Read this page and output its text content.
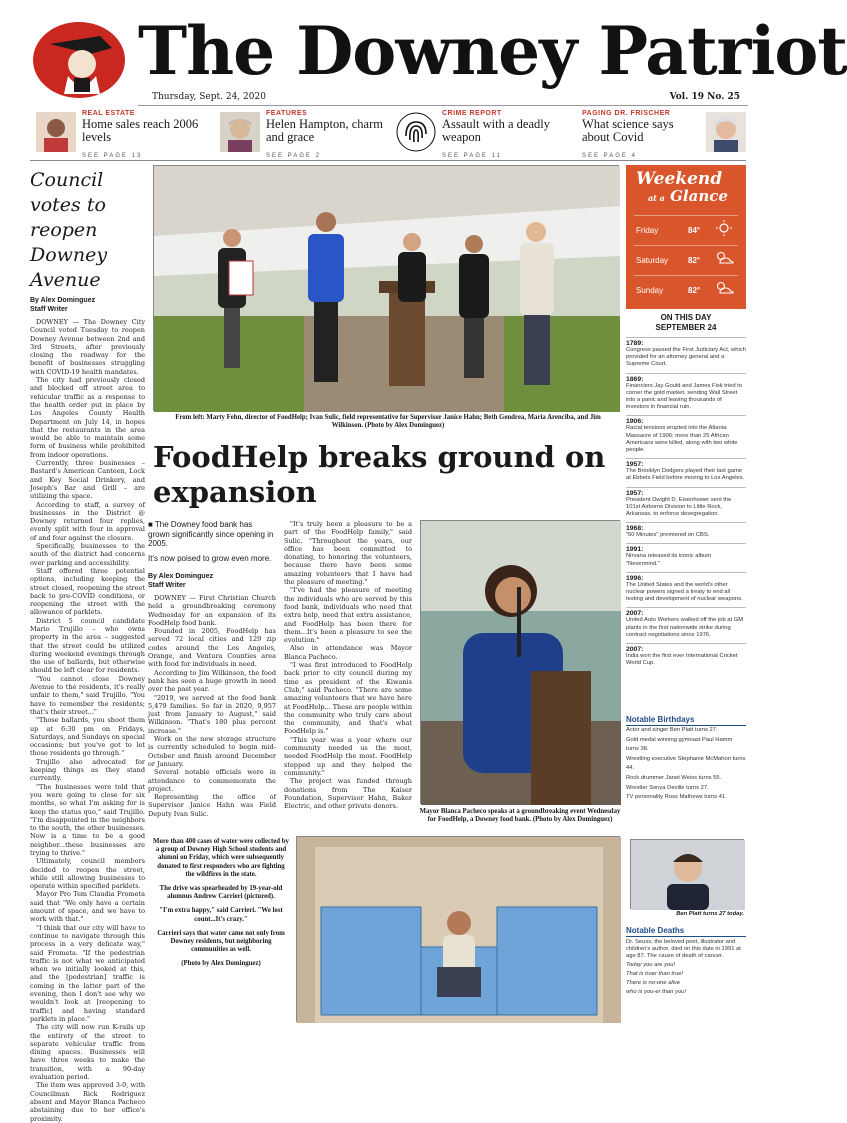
The Downey Patriot
Thursday, Sept. 24, 2020	Vol. 19 No. 25
REAL ESTATE
Home sales reach 2006 levels
SEE PAGE 13
FEATURES
Helen Hampton, charm and grace
SEE PAGE 2
CRIME REPORT
Assault with a deadly weapon
SEE PAGE 11
PAGING DR. FRISCHER
What science says about Covid
SEE PAGE 4
Council votes to reopen Downey Avenue
By Alex Dominguez
Staff Writer

DOWNEY — The Downey City Council voted Tuesday to reopen Downey Avenue between 2nd and 3rd Streets, after previously closing the roadway for the benefit of businesses struggling with COVID-19 health mandates.

The city had previously closed and blocked off street area to vehicular traffic as a response to the health order put in place by Los Angeles County Health Department on July 14, in hopes that the restaurants in the area would be able to maintain some form of business while prohibited from indoor operations.

Currently, three businesses – Bastard's American Canteen, Lock and Key Social Drinkery, and Joseph's Bar and Grill – are utilizing the space.

According to staff, a survey of businesses in the District @ Downey returned four replies, evenly split with four in approval of and four against the closure.

Specifically, businesses to the south of the district had concerns over parking and accessibility.

Staff offered three potential options, including keeping the street closed, reopening the street back to pre-COVID conditions, or reopening the street with the allowance of parklets.

District 5 council candidate Mario Trujillo – who owns property in the area – suggested that the street could be utilized during weekend evenings through the use of ballards, but otherwise should be left clear for residents.

"You cannot close Downey Avenue to the residents, it's really unfair to them," said Trujillo. "You have to remember the residents; that's their street..."

"Those ballards, you shoot them up at 6:30 pm on Fridays, Saturdays, and Sundays on special occasions; but you've got to let those residents go through."

Trujillo also advocated for keeping things as they stand currently.

"The businesses were told that you were going to close for six months, so what I'm asking for is keep the status quo," said Trujillo. "I'm disappointed in the neighbors to the south, the other businesses. Now is a time to be a good neighbor...these businesses are trying to thrive."

Ultimately, council members decided to reopen the street, while still allowing businesses to operate within specified parklets.

Mayor Pro Tem Claudia Frometa said that "We only have a certain amount of space, and we have to work with that."

"I think that our city will have to continue to navigate through this process in a very delicate way," said Frometa. "If the pedestrian traffic is not what we anticipated when we initially looked at this, and the [pedestrian] traffic is coming in the latter part of the evening, then I don't see why we wouldn't look at [reopening to traffic] and having standard parklets in place."

The city will now run K-rails up the entirety of the street to separate vehicular traffic from dining spaces. Businesses will have three weeks to make the transition, with a 90-day evaluation period.

The item was approved 3-0, with Councilman Rick Rodriguez absent and Mayor Blanca Pacheco abstaining due to her office's proximity.

From left: Marty Fehn, director of FoodHelp; Ivan Sulic, field representative for Supervisor Janice Hahn; Beth Gendrea, Maria Arenciba, and Jim Wilkinson. (Photo by Alex Dominguez)
FoodHelp breaks ground on expansion
■ The Downey food bank has grown significantly since opening in 2005.
It's now poised to grow even more.
By Alex Dominguez
Staff Writer

DOWNEY — First Christian Church held a groundbreaking ceremony Wednesday for an expansion of its FoodHelp food bank.

Founded in 2005, FoodHelp has served 72 local cities and 129 zip codes around the Los Angeles, Orange, and Ventura Counties area with food for individuals in need.

According to Jim Wilkinson, the food bank has seen a huge growth in need over the past year.

"2019, we served at the food bank 5,479 families. So far in 2020, 9,957 just from January to August," said Wilkinson. "That's 180 plus percent increase."

Work on the new storage structure is currently scheduled to begin mid-October and finish around December or January.

Several notable officials were in attendance to commemorate the project.

Representing the office of Supervisor Janice Hahn was Field Deputy Ivan Sulic.

"It's truly been a pleasure to be a part of the FoodHelp family," said Sulic. "Throughout the years, our office has been committed to donating, to honoring the volunteers, because there have been some amazing volunteers that I have had the pleasure of meeting."

"I've had the pleasure of meeting the individuals who are served by this food bank, individuals who need that extra help, need that extra assistance, and FoodHelp has been there for them...It's been a pleasure to see the evolution."

Also in attendance was Mayor Blanca Pacheco.

"I was first introduced to FoodHelp back prior to city council during my time as president of the Kiwanis Club," said Pacheco. "There are some amazing volunteers that we have here at FoodHelp... These are people within the community who truly care about the community, and that's what FoodHelp is."

"This year was a year where our community needed us the most, needed FoodHelp the most. FoodHelp stepped up and they helped the community."

The project was funded through donations from The Kaiser Foundation, Supervisor Hahn, Baker Electric, and other private donors.

Mayor Blanca Pacheco speaks at a groundbreaking event Wednesday for FoodHelp, a Downey food bank. (Photo by Alex Dominguez)
More than 400 cases of water were collected by a group of Downey High School students and alumni on Friday, which were subsequently donated to first responders who are fighting the wildfires in the state.
The drive was spearheaded by 19-year-old alumnus Andrew Carrieri (pictured).
"I'm extra happy," said Carrieri. "We lost count...It's crazy."
Carrieri says that water came not only from Downey residents, but neighboring communities as well.
(Photo by Alex Dominguez)
Weekend
at a Glance
Friday	84°
Saturday 82°
Sunday	82°
ON THIS DAY
SEPTEMBER 24
1789:
Congress passed the First Judiciary Act, which provided for an attorney general and a Supreme Court.
1869:
Financiers Jay Gould and James Fisk tried to corner the gold market, sending Wall Street into a panic and leaving thousands of investors in financial ruin.
1906:
Racial tensions erupted into the Atlanta Massacre of 1906; more than 25 African Americans were killed, along with two white people.
1957:
The Brooklyn Dodgers played their last game at Ebbets Field before moving to Los Angeles.
1957:
President Dwight D. Eisenhower sent the 101st Airborne Division to Little Rock, Arkansas, to enforce desegregation.
1968:
"60 Minutes" premiered on CBS.
1991:
Nirvana released its iconic album "Nevermind."
1996:
The United States and the world's other nuclear powers signed a treaty to end all testing and development of nuclear weapons.
2007:
United Auto Workers walked off the job at GM plants in the first nationwide strike during contract negotiations since 1976.
2007:
India won the first ever International Cricket World Cup.
Notable Birthdays
Actor and singer Ben Platt turns 27.
Gold medal winning gymnast Paul Hamm turns 38.
Wrestling executive Stephanie McMahon turns 44.
Rock drummer Janet Weiss turns 55.
Wrestler Sonya Deville turns 27.
TV personality Ross Mathews turns 41.
Ben Platt turns 27 today.
Notable Deaths
Dr. Seuss, the beloved poet, illustrator and children's author, died on this date in 1991 at age 87. The cause of death of cancer.
Today you are you!
That is truer than true!
There is no-one alive
who is you-er than you!
